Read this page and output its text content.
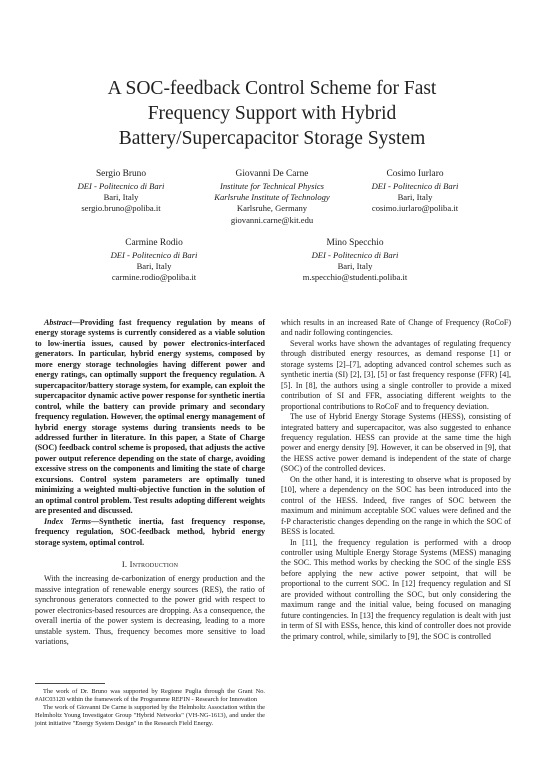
A SOC-feedback Control Scheme for Fast
Frequency Support with Hybrid
Battery/Supercapacitor Storage System
Sergio Bruno
DEI - Politecnico di Bari
Bari, Italy
sergio.bruno@poliba.it
Giovanni De Carne
Institute for Technical Physics
Karlsruhe Institute of Technology
Karlsruhe, Germany
giovanni.carne@kit.edu
Cosimo Iurlaro
DEI - Politecnico di Bari
Bari, Italy
cosimo.iurlaro@poliba.it
Carmine Rodio
DEI - Politecnico di Bari
Bari, Italy
carmine.rodio@poliba.it
Mino Specchio
DEI - Politecnico di Bari
Bari, Italy
m.specchio@studenti.poliba.it

Abstract—Providing fast frequency regulation by means of energy storage systems is currently considered as a viable solution to low-inertia issues, caused by power electronics-interfaced generators. In particular, hybrid energy systems, composed by more energy storage technologies having different power and energy ratings, can optimally support the frequency regulation. A supercapacitor/battery storage system, for example, can exploit the supercapacitor dynamic active power response for synthetic inertia control, while the battery can provide primary and secondary frequency regulation. However, the optimal energy management of hybrid energy storage systems during transients needs to be addressed further in literature. In this paper, a State of Charge (SOC) feedback control scheme is proposed, that adjusts the active power output reference depending on the state of charge, avoiding excessive stress on the components and limiting the state of charge excursions. Control system parameters are optimally tuned minimizing a weighted multi-objective function in the solution of an optimal control problem. Test results adopting different weights are presented and discussed.

Index Terms—Synthetic inertia, fast frequency response, frequency regulation, SOC-feedback method, hybrid energy storage system, optimal control.

I. Introduction

With the increasing de-carbonization of energy production and the massive integration of renewable energy sources (RES), the ratio of synchronous generators connected to the power grid with respect to power electronics-based resources are dropping. As a consequence, the overall inertia of the power system is decreasing, leading to a more unstable system. Thus, frequency becomes more sensitive to load variations,

The work of Dr. Bruno was supported by Regione Puglia through the Grant No. #AIC03120 within the framework of the Programme REFIN - Research for Innovation

The work of Giovanni De Carne is supported by the Helmholtz Association within the Helmholtz Young Investigator Group "Hybrid Networks" (VH-NG-1613), and under the joint initiative "Energy System Design" in the Research Field Energy.

which results in an increased Rate of Change of Frequency (RoCoF) and nadir following contingencies.

Several works have shown the advantages of regulating frequency through distributed energy resources, as demand response [1] or storage systems [2]–[7], adopting advanced control schemes such as synthetic inertia (SI) [2], [3], [5] or fast frequency response (FFR) [4], [5]. In [8], the authors using a single controller to provide a mixed contribution of SI and FFR, associating different weights to the proportional contributions to RoCoF and to frequency deviation.

The use of Hybrid Energy Storage Systems (HESS), consisting of integrated battery and supercapacitor, was also suggested to enhance frequency regulation. HESS can provide at the same time the high power and energy density [9]. However, it can be observed in [9], that the HESS active power demand is independent of the state of charge (SOC) of the controlled devices.

On the other hand, it is interesting to observe what is proposed by [10], where a dependency on the SOC has been introduced into the control of the HESS. Indeed, five ranges of SOC between the maximum and minimum acceptable SOC values were defined and the f-P characteristic changes depending on the range in which the SOC of BESS is located.

In [11], the frequency regulation is performed with a droop controller using Multiple Energy Storage Systems (MESS) managing the SOC. This method works by checking the SOC of the single ESS before applying the new active power setpoint, that will be proportional to the current SOC. In [12] frequency regulation and SI are provided without controlling the SOC, but only considering the maximum range and the initial value, being focused on managing future contingencies. In [13] the frequency regulation is dealt with just in term of SI with ESSs, hence, this kind of controller does not provide the primary control, while, similarly to [9], the SOC is controlled
